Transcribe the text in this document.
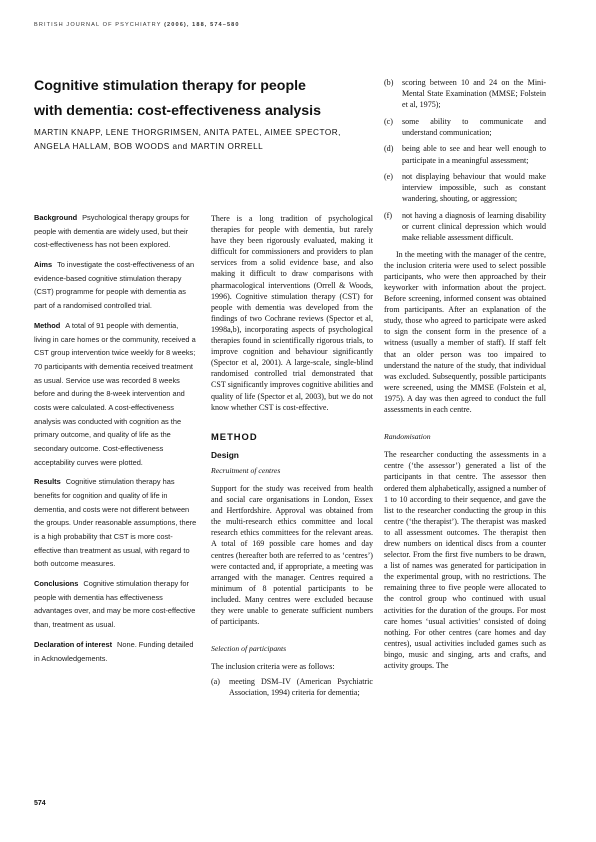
BRITISH JOURNAL OF PSYCHIATRY (2006), 188, 574–580
Cognitive stimulation therapy for people
with dementia: cost-effectiveness analysis
MARTIN KNAPP, LENE THORGRIMSEN, ANITA PATEL, AIMEE SPECTOR,
ANGELA HALLAM, BOB WOODS and MARTIN ORRELL

Background Psychological therapy groups for people with dementia are widely used, but their cost-effectiveness has not been explored.

Aims To investigate the cost-effectiveness of an evidence-based cognitive stimulation therapy (CST) programme for people with dementia as part of a randomised controlled trial.

Method A total of 91 people with dementia, living in care homes or the community, received a CST group intervention twice weekly for 8 weeks; 70 participants with dementia received treatment as usual. Service use was recorded 8 weeks before and during the 8-week intervention and costs were calculated. A cost-effectiveness analysis was conducted with cognition as the primary outcome, and quality of life as the secondary outcome. Cost-effectiveness acceptability curves were plotted.

Results Cognitive stimulation therapy has benefits for cognition and quality of life in dementia, and costs were not different between the groups. Under reasonable assumptions, there is a high probability that CST is more cost-effective than treatment as usual, with regard to both outcome measures.

Conclusions Cognitive stimulation therapy for people with dementia has effectiveness advantages over, and may be more cost-effective than, treatment as usual.

Declaration of interest None. Funding detailed in Acknowledgements.

There is a long tradition of psychological therapies for people with dementia, but rarely have they been rigorously evaluated, making it difficult for commissioners and providers to plan services from a solid evidence base, and also making it difficult to draw comparisons with pharmacological interventions (Orrell & Woods, 1996). Cognitive stimulation therapy (CST) for people with dementia was developed from the findings of two Cochrane reviews (Spector et al, 1998a,b), incorporating aspects of psychological therapies found in scientifically rigorous trials, to improve cognition and behaviour significantly (Spector et al, 2001). A large-scale, single-blind randomised controlled trial demonstrated that CST significantly improves cognitive abilities and quality of life (Spector et al, 2003), but we do not know whether CST is cost-effective.

METHOD
Design
Recruitment of centres

Support for the study was received from health and social care organisations in London, Essex and Hertfordshire. Approval was obtained from the multi-research ethics committee and local research ethics committees for the relevant areas. A total of 169 possible care homes and day centres (hereafter both are referred to as ‘centres’) were contacted and, if appropriate, a meeting was arranged with the manager. Centres required a minimum of 8 potential participants to be included. Many centres were excluded because they were unable to generate sufficient numbers of participants.

Selection of participants

The inclusion criteria were as follows:

(a)	meeting DSM–IV (American Psychiatric Association, 1994) criteria for dementia;
(b)	scoring between 10 and 24 on the Mini-Mental State Examination (MMSE; Folstein et al, 1975);
(c)	some ability to communicate and understand communication;
(d)	being able to see and hear well enough to participate in a meaningful assessment;
(e)	not displaying behaviour that would make interview impossible, such as constant wandering, shouting, or aggression;
(f)	not having a diagnosis of learning disability or current clinical depression which would make reliable assessment difficult.

In the meeting with the manager of the centre, the inclusion criteria were used to select possible participants, who were then approached by their keyworker with information about the project. Before screening, informed consent was obtained from participants. After an explanation of the study, those who agreed to participate were asked to sign the consent form in the presence of a witness (usually a member of staff). If staff felt that an older person was too impaired to understand the nature of the study, that individual was excluded. Subsequently, possible participants were screened, using the MMSE (Folstein et al, 1975). A day was then agreed to conduct the full assessments in each centre.

Randomisation

The researcher conducting the assessments in a centre (‘the assessor’) generated a list of the participants in that centre. The assessor then ordered them alphabetically, assigned a number of 1 to 10 according to their sequence, and gave the list to the researcher conducting the group in this centre (‘the therapist’). The therapist was masked to all assessment outcomes. The therapist then drew numbers on identical discs from a counter selector. From the first five numbers to be drawn, a list of names was generated for participation in the experimental group, with no restrictions. The remaining three to five people were allocated to the control group who continued with usual activities for the duration of the groups. For most care homes ‘usual activities’ consisted of doing nothing. For other centres (care homes and day centres), usual activities included games such as bingo, music and singing, arts and crafts, and activity groups. The

574
